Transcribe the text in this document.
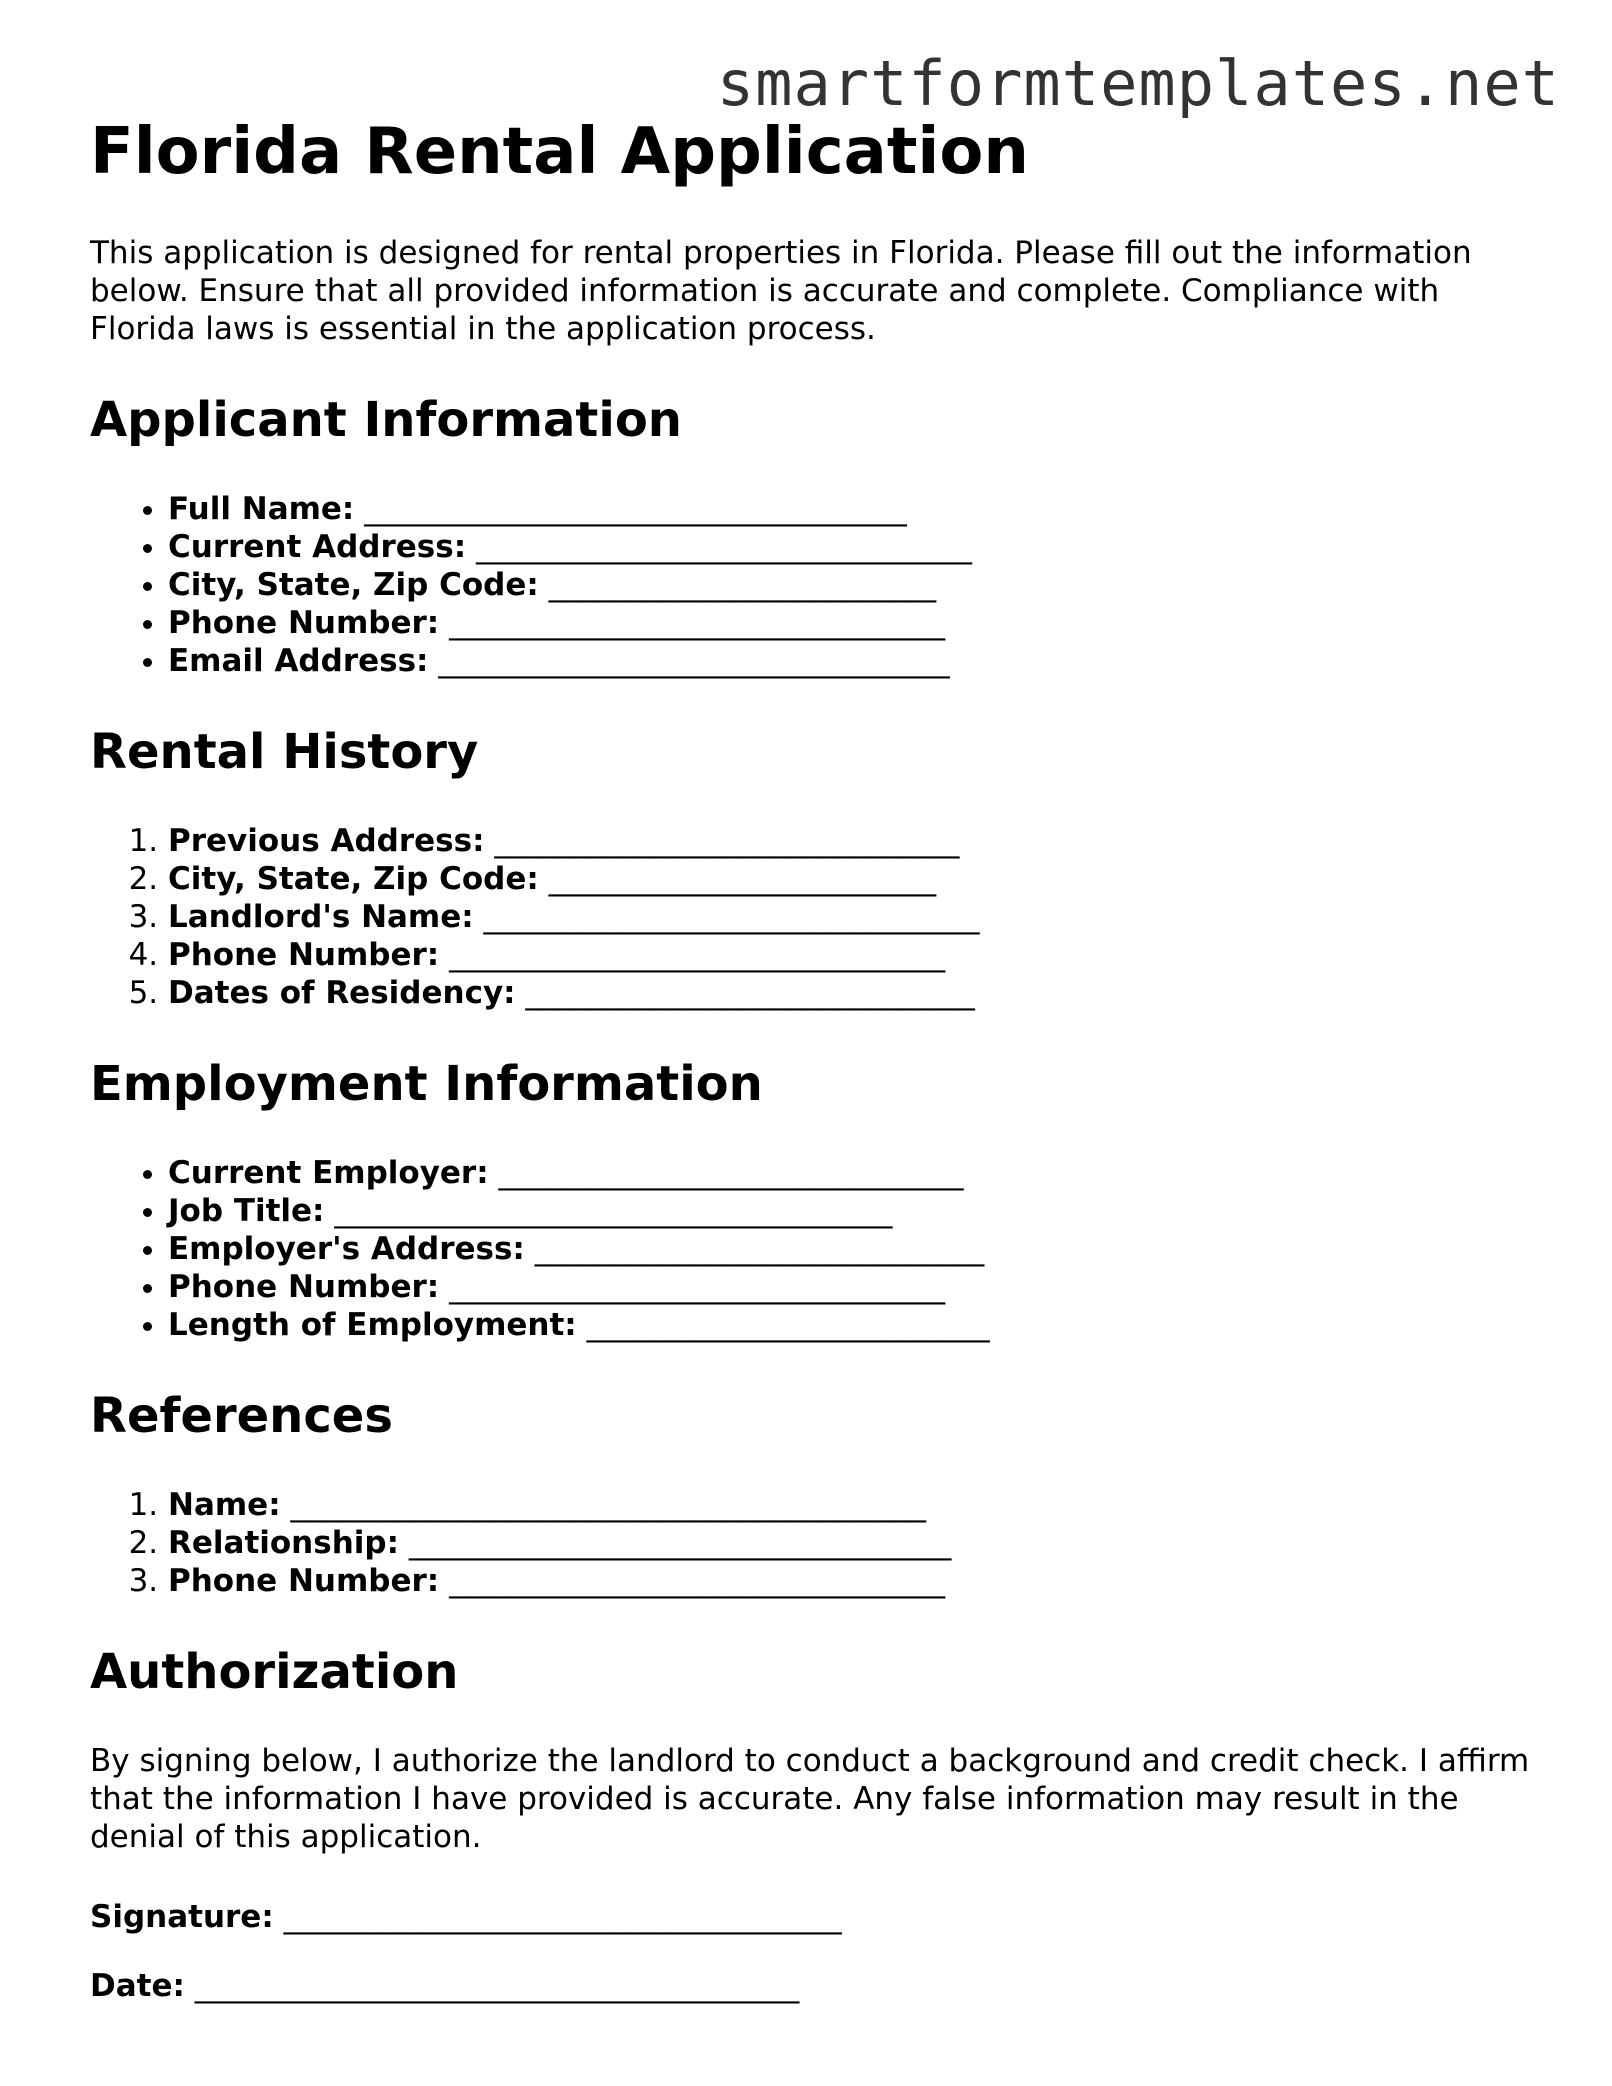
smartformtemplates.net
Florida Rental Application

This application is designed for rental properties in Florida. Please fill out the information below. Ensure that all provided information is accurate and complete. Compliance with Florida laws is essential in the application process.

Applicant Information
• Full Name: ___________________________________
• Current Address: ________________________________
• City, State, Zip Code: _________________________
• Phone Number: ________________________________
• Email Address: _________________________________
Rental History
1. Previous Address: ______________________________
2. City, State, Zip Code: _________________________
3. Landlord's Name: ________________________________
4. Phone Number: ________________________________
5. Dates of Residency: _____________________________
Employment Information
• Current Employer: ______________________________
• Job Title: ____________________________________
• Employer's Address: _____________________________
• Phone Number: ________________________________
• Length of Employment: __________________________
References
1. Name: _________________________________________
2. Relationship: ___________________________________
3. Phone Number: ________________________________
Authorization

By signing below, I authorize the landlord to conduct a background and credit check. I affirm that the information I have provided is accurate. Any false information may result in the denial of this application.

Signature: ____________________________________
Date: _______________________________________
